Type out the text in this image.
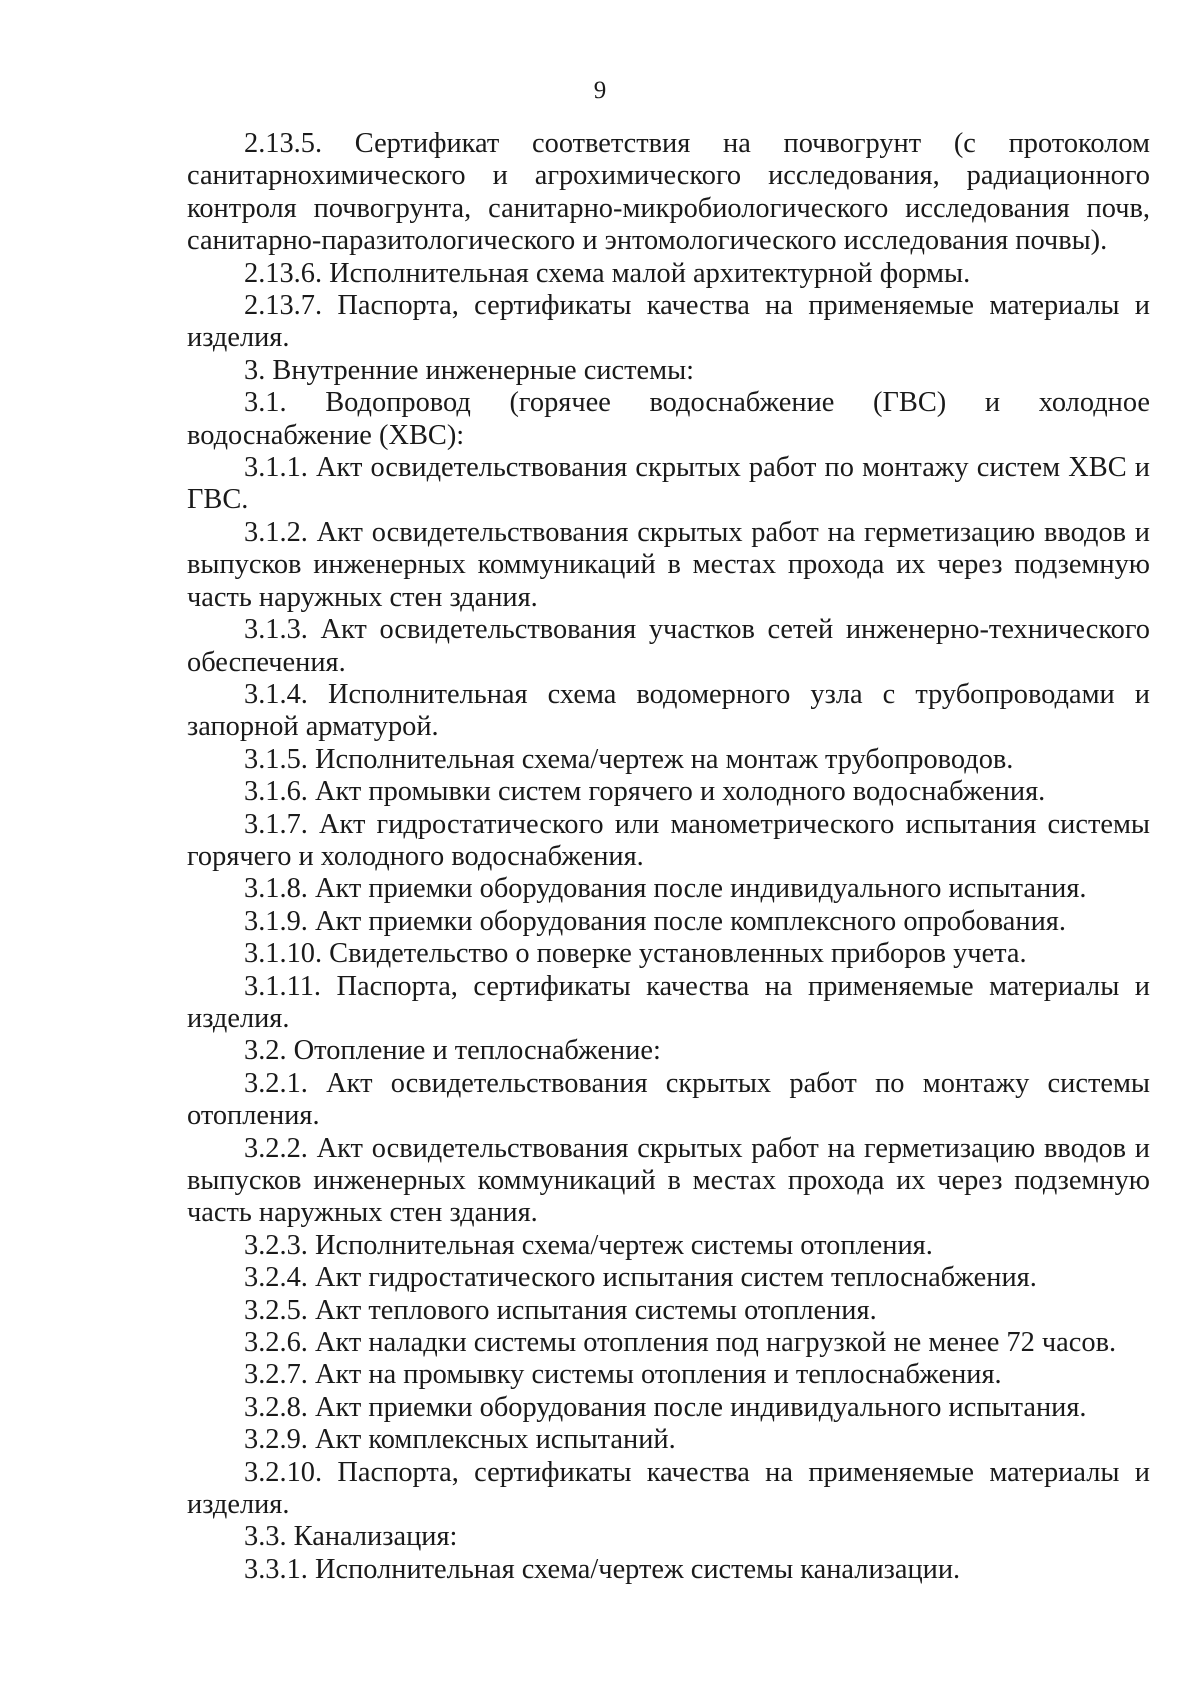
9

2.13.5. Сертификат соответствия на почвогрунт (с протоколом санитарнохимического и агрохимического исследования, радиационного контроля почвогрунта, санитарно-микробиологического исследования почв, санитарно-паразитологического и энтомологического исследования почвы).

2.13.6. Исполнительная схема малой архитектурной формы.

2.13.7. Паспорта, сертификаты качества на применяемые материалы и изделия.

3. Внутренние инженерные системы:

3.1. Водопровод (горячее водоснабжение (ГВС) и холодное водоснабжение (ХВС):

3.1.1. Акт освидетельствования скрытых работ по монтажу систем ХВС и ГВС.

3.1.2. Акт освидетельствования скрытых работ на герметизацию вводов и выпусков инженерных коммуникаций в местах прохода их через подземную часть наружных стен здания.

3.1.3. Акт освидетельствования участков сетей инженерно-технического обеспечения.

3.1.4. Исполнительная схема водомерного узла с трубопроводами и запорной арматурой.

3.1.5. Исполнительная схема/чертеж на монтаж трубопроводов.

3.1.6. Акт промывки систем горячего и холодного водоснабжения.

3.1.7. Акт гидростатического или манометрического испытания системы горячего и холодного водоснабжения.

3.1.8. Акт приемки оборудования после индивидуального испытания.

3.1.9. Акт приемки оборудования после комплексного опробования.

3.1.10. Свидетельство о поверке установленных приборов учета.

3.1.11. Паспорта, сертификаты качества на применяемые материалы и изделия.

3.2. Отопление и теплоснабжение:

3.2.1. Акт освидетельствования скрытых работ по монтажу системы отопления.

3.2.2. Акт освидетельствования скрытых работ на герметизацию вводов и выпусков инженерных коммуникаций в местах прохода их через подземную часть наружных стен здания.

3.2.3. Исполнительная схема/чертеж системы отопления.

3.2.4. Акт гидростатического испытания систем теплоснабжения.

3.2.5. Акт теплового испытания системы отопления.

3.2.6. Акт наладки системы отопления под нагрузкой не менее 72 часов.

3.2.7. Акт на промывку системы отопления и теплоснабжения.

3.2.8. Акт приемки оборудования после индивидуального испытания.

3.2.9. Акт комплексных испытаний.

3.2.10. Паспорта, сертификаты качества на применяемые материалы и изделия.

3.3. Канализация:

3.3.1. Исполнительная схема/чертеж системы канализации.
